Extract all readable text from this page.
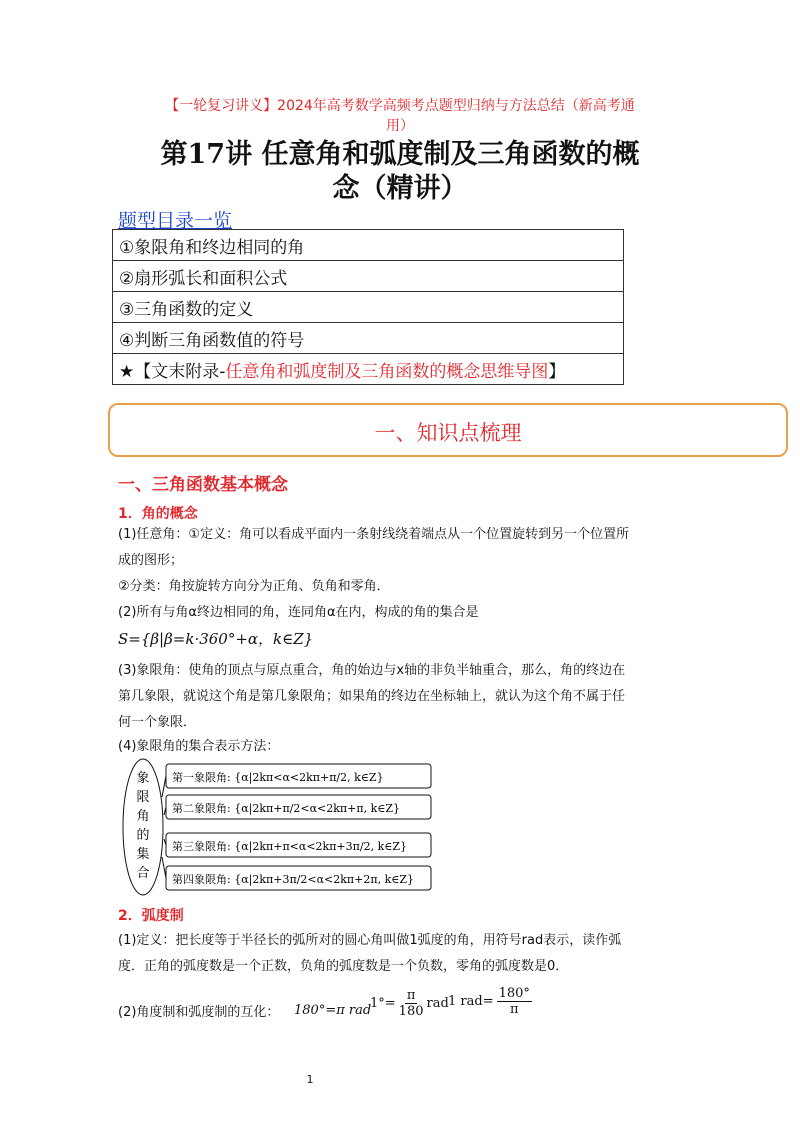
【一轮复习讲义】2024年高考数学高频考点题型归纳与方法总结（新高考通
用）
第17讲 任意角和弧度制及三角函数的概
念（精讲）
题型目录一览
①象限角和终边相同的角
②扇形弧长和面积公式
③三角函数的定义
④判断三角函数值的符号
★【文末附录-任意角和弧度制及三角函数的概念思维导图】
一、知识点梳理
一、三角函数基本概念
1．角的概念
(1)任意角：①定义：角可以看成平面内一条射线绕着端点从一个位置旋转到另一个位置所
成的图形；
②分类：角按旋转方向分为正角、负角和零角．
(2)所有与角α终边相同的角，连同角α在内，构成的角的集合是
S={β|β=k·360°+α，k∈Z}
(3)象限角：使角的顶点与原点重合，角的始边与x轴的非负半轴重合，那么，角的终边在
第几象限，就说这个角是第几象限角；如果角的终边在坐标轴上，就认为这个角不属于任
何一个象限．
(4)象限角的集合表示方法：
象
限
角
的
集
合
第一象限角: {α|2kπ<α<2kπ+π/2, k∈Z}
第二象限角: {α|2kπ+π/2<α<2kπ+π, k∈Z}
第三象限角: {α|2kπ+π<α<2kπ+3π/2, k∈Z}
第四象限角: {α|2kπ+3π/2<α<2kπ+2π, k∈Z}
2．弧度制
(1)定义：把长度等于半径长的弧所对的圆心角叫做1弧度的角，用符号rad表示，读作弧
度．正角的弧度数是一个正数，负角的弧度数是一个负数，零角的弧度数是0．
(2)角度制和弧度制的互化： 180°=π rad
$1^\circ= \frac{\pi}{180}$ rad 1 $rad= \frac{180^\circ}{\pi}$
1
